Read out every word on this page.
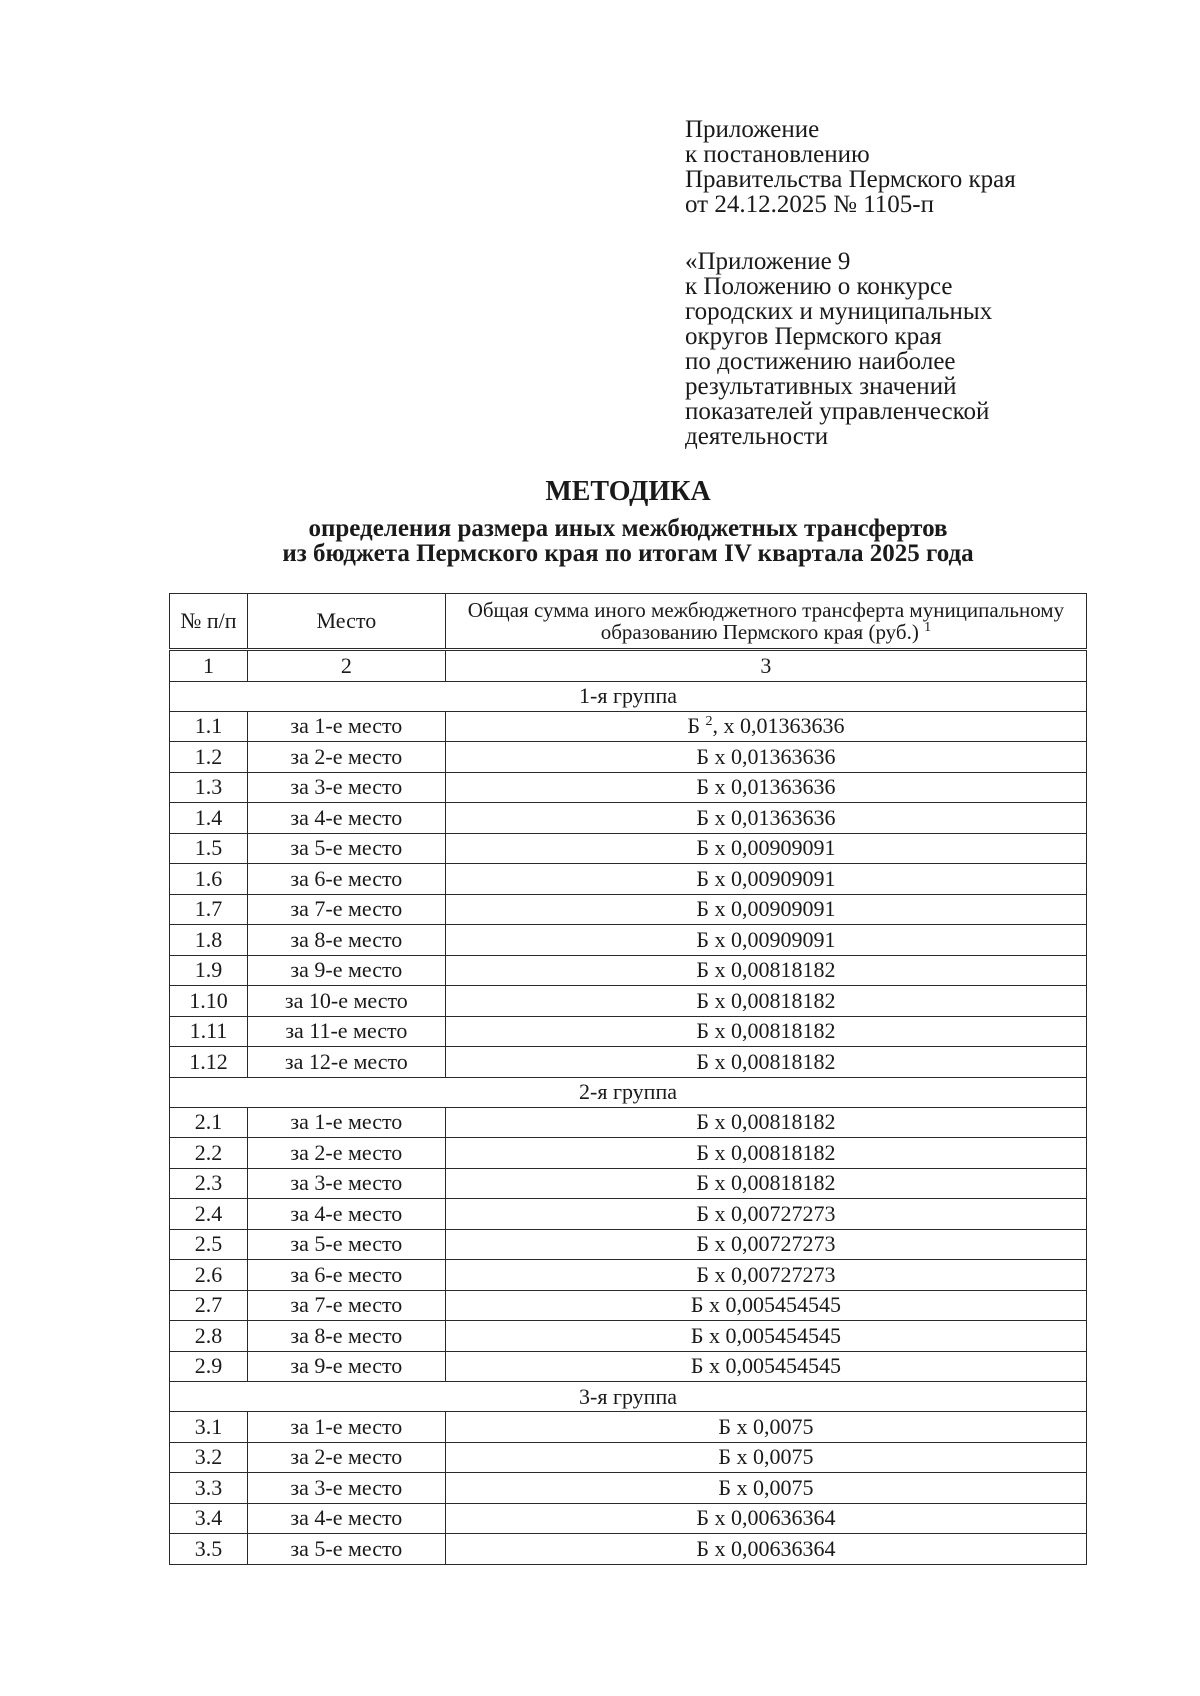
Приложение
к постановлению
Правительства Пермского края
от 24.12.2025 № 1105-п
«Приложение 9
к Положению о конкурсе
городских и муниципальных
округов Пермского края
по достижению наиболее
результативных значений
показателей управленческой
деятельности
МЕТОДИКА
определения размера иных межбюджетных трансфертов
из бюджета Пермского края по итогам IV квартала 2025 года
№ п/п	Место	Общая сумма иного межбюджетного трансферта муниципальному образованию Пермского края (руб.) $^1$
1	2	3
1-я группа		
1.1	за 1-е место	Б $^2$, x 0,01363636
1.2	за 2-е место	Б x 0,01363636
1.3	за 3-е место	Б x 0,01363636
1.4	за 4-е место	Б x 0,01363636
1.5	за 5-е место	Б x 0,00909091
1.6	за 6-е место	Б x 0,00909091
1.7	за 7-е место	Б x 0,00909091
1.8	за 8-е место	Б x 0,00909091
1.9	за 9-е место	Б x 0,00818182
1.10	за 10-е место	Б x 0,00818182
1.11	за 11-е место	Б x 0,00818182
1.12	за 12-е место	Б x 0,00818182
2-я группа		
2.1	за 1-е место	Б x 0,00818182
2.2	за 2-е место	Б x 0,00818182
2.3	за 3-е место	Б x 0,00818182
2.4	за 4-е место	Б x 0,00727273
2.5	за 5-е место	Б x 0,00727273
2.6	за 6-е место	Б x 0,00727273
2.7	за 7-е место	Б x 0,005454545
2.8	за 8-е место	Б x 0,005454545
2.9	за 9-е место	Б x 0,005454545
3-я группа		
3.1	за 1-е место	Б x 0,0075
3.2	за 2-е место	Б x 0,0075
3.3	за 3-е место	Б x 0,0075
3.4	за 4-е место	Б x 0,00636364
3.5	за 5-е место	Б x 0,00636364
